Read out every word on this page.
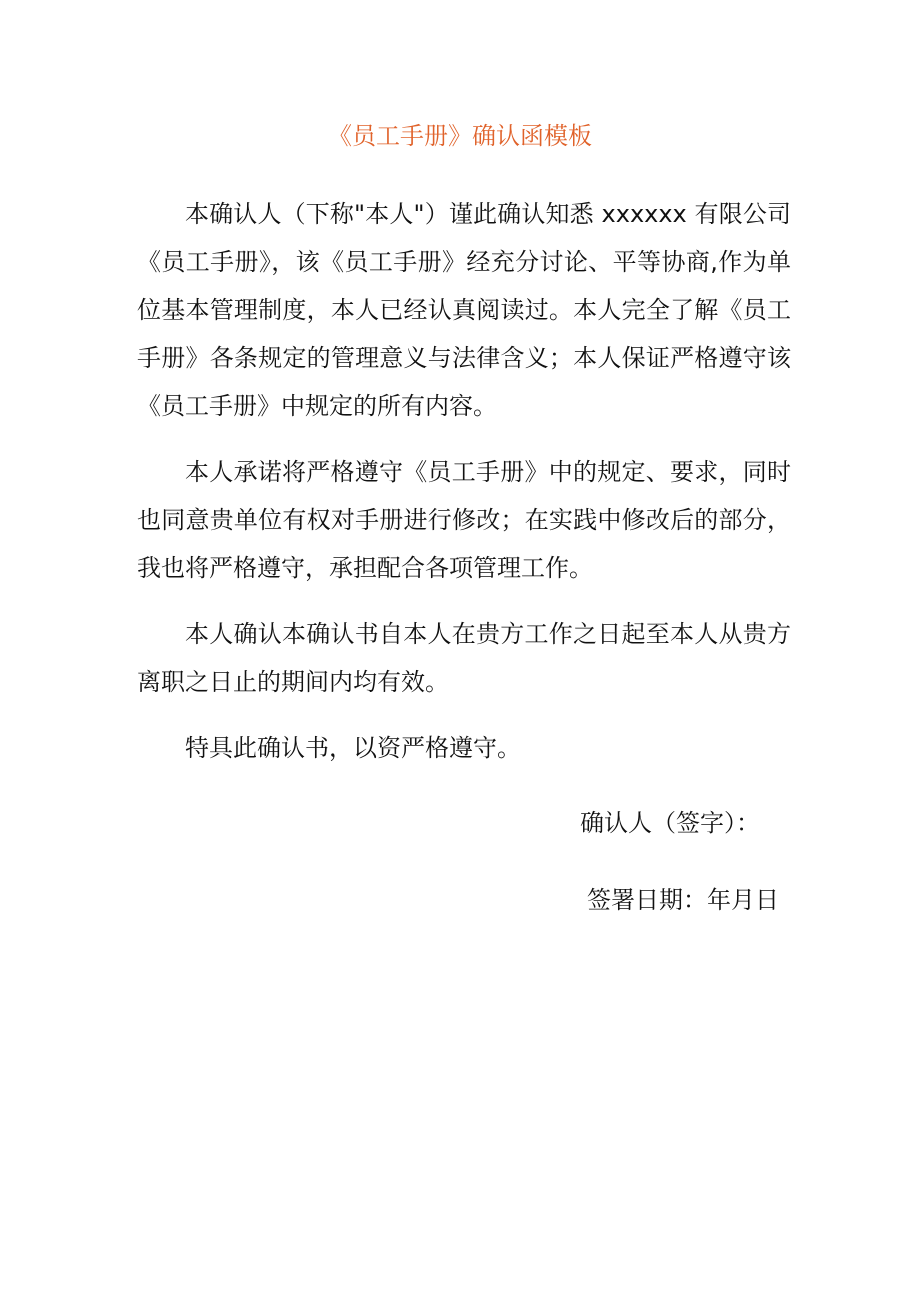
《员工手册》确认函模板

本确认人（下称"本人"）谨此确认知悉 xxxxxx 有限公司《员工手册》，该《员工手册》经充分讨论、平等协商,作为单位基本管理制度，本人已经认真阅读过。本人完全了解《员工手册》各条规定的管理意义与法律含义；本人保证严格遵守该《员工手册》中规定的所有内容。

本人承诺将严格遵守《员工手册》中的规定、要求，同时也同意贵单位有权对手册进行修改；在实践中修改后的部分，我也将严格遵守，承担配合各项管理工作。

本人确认本确认书自本人在贵方工作之日起至本人从贵方离职之日止的期间内均有效。

特具此确认书，以资严格遵守。

确认人（签字）：
签署日期：年月日
